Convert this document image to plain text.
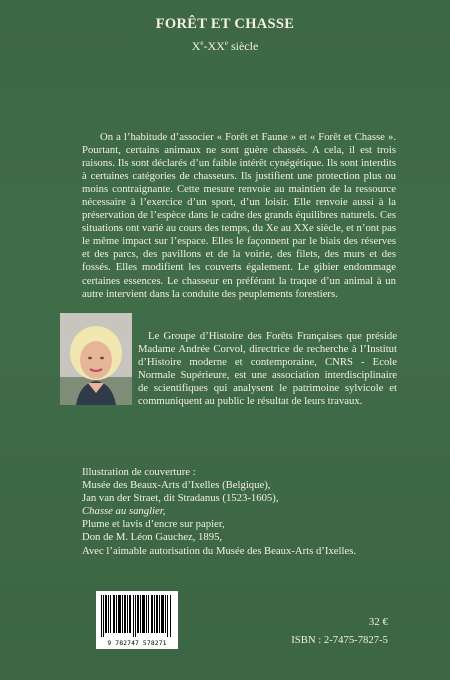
FORÊT ET CHASSE
Xe-XXe siècle

On a l’habitude d’associer « Forêt et Faune » et « Forêt et Chasse ». Pourtant, certains animaux ne sont guère chassés. A cela, il est trois raisons. Ils sont déclarés d’un faible intérêt cynégétique. Ils sont interdits à certaines catégories de chasseurs. Ils justifient une protection plus ou moins contraignante. Cette mesure renvoie au maintien de la ressource nécessaire à l’exercice d’un sport, d’un loisir. Elle renvoie aussi à la préservation de l’espèce dans le cadre des grands équilibres naturels. Ces situations ont varié au cours des temps, du Xe au XXe siècle, et n’ont pas le même impact sur l’espace. Elles le façonnent par le biais des réserves et des parcs, des pavillons et de la voirie, des filets, des murs et des fossés. Elles modifient les couverts également. Le gibier endommage certaines essences. Le chasseur en préférant la traque d’un animal à un autre intervient dans la conduite des peuplements forestiers.

Le Groupe d’Histoire des Forêts Françaises que préside Madame Andrée Corvol, directrice de recherche à l’Institut d’Histoire moderne et contemporaine, CNRS - Ecole Normale Supérieure, est une association interdisciplinaire de scientifiques qui analysent le patrimoine sylvicole et communiquent au public le résultat de leurs travaux.

Illustration de couverture :
Musée des Beaux-Arts d’Ixelles (Belgique),
Jan van der Straet, dit Stradanus (1523-1605),
Chasse au sanglier,
Plume et lavis d’encre sur papier,
Don de M. Léon Gauchez, 1895,
Avec l’aimable autorisation du Musée des Beaux-Arts d’Ixelles.
9 782747 578271
32 €
ISBN : 2-7475-7827-5
